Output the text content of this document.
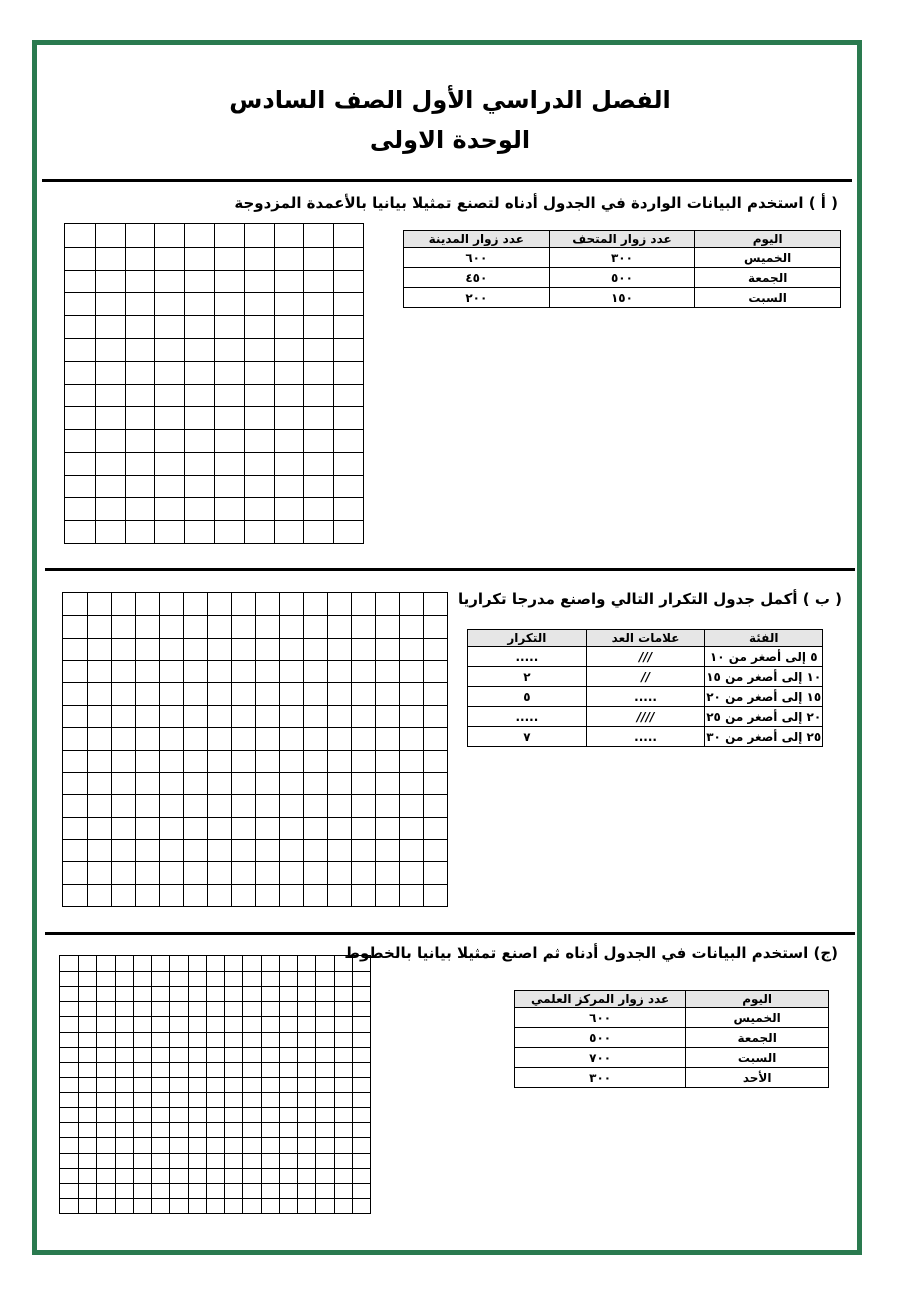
الفصل الدراسي الأول الصف السادس
الوحدة الاولى
( أ ) استخدم البيانات الواردة في الجدول أدناه لتصنع تمثيلا بيانيا بالأعمدة المزدوجة
اليوم	عدد زوار المتحف	عدد زوار المدينة
الخميس	٣٠٠	٦٠٠
الجمعة	٥٠٠	٤٥٠
السبت	١٥٠	٢٠٠
( ب ) أكمل جدول التكرار التالي واصنع مدرجا تكراريا
الفئة	علامات العد	التكرار
٥ إلى أصغر من ١٠	///	.....
١٠ إلى أصغر من ١٥	//	٢
١٥ إلى أصغر من ٢٠	.....	٥
٢٠ إلى أصغر من ٢٥	////	.....
٢٥ إلى أصغر من ٣٠	.....	٧
(ج) استخدم البيانات في الجدول أدناه ثم اصنع تمثيلا بيانيا بالخطوط
اليوم	عدد زوار المركز العلمي
الخميس	٦٠٠
الجمعة	٥٠٠
السبت	٧٠٠
الأحد	٣٠٠
